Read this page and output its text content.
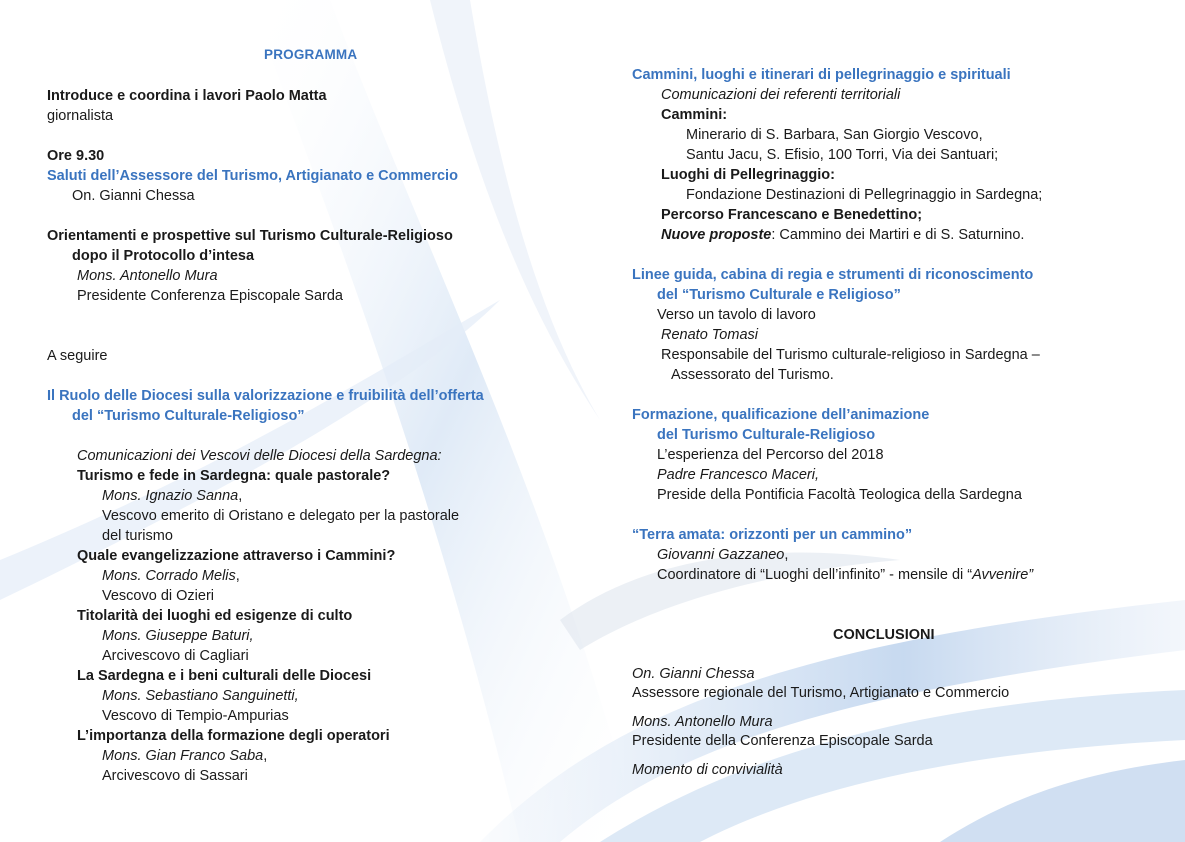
PROGRAMMA
Introduce e coordina i lavori Paolo Matta
giornalista
Ore 9.30
Saluti dell’Assessore del Turismo, Artigianato e Commercio
On. Gianni Chessa
Orientamenti e prospettive sul Turismo Culturale-Religioso
dopo il Protocollo d’intesa
Mons. Antonello Mura
Presidente Conferenza Episcopale Sarda
A seguire
Il Ruolo delle Diocesi sulla valorizzazione e fruibilità dell’offerta
del “Turismo Culturale-Religioso”
Comunicazioni dei Vescovi delle Diocesi della Sardegna:
Turismo e fede in Sardegna: quale pastorale?
Mons. Ignazio Sanna,
Vescovo emerito di Oristano e delegato per la pastorale
del turismo
Quale evangelizzazione attraverso i Cammini?
Mons. Corrado Melis,
Vescovo di Ozieri
Titolarità dei luoghi ed esigenze di culto
Mons. Giuseppe Baturi,
Arcivescovo di Cagliari
La Sardegna e i beni culturali delle Diocesi
Mons. Sebastiano Sanguinetti,
Vescovo di Tempio-Ampurias
L’importanza della formazione degli operatori
Mons. Gian Franco Saba,
Arcivescovo di Sassari
Cammini, luoghi e itinerari di pellegrinaggio e spirituali
Comunicazioni dei referenti territoriali
Cammini:
Minerario di S. Barbara, San Giorgio Vescovo,
Santu Jacu, S. Efisio, 100 Torri, Via dei Santuari;
Luoghi di Pellegrinaggio:
Fondazione Destinazioni di Pellegrinaggio in Sardegna;
Percorso Francescano e Benedettino;
Nuove proposte: Cammino dei Martiri e di S. Saturnino.
Linee guida, cabina di regia e strumenti di riconoscimento
del “Turismo Culturale e Religioso”
Verso un tavolo di lavoro
Renato Tomasi
Responsabile del Turismo culturale-religioso in Sardegna –
Assessorato del Turismo.
Formazione, qualificazione dell’animazione
del Turismo Culturale-Religioso
L’esperienza del Percorso del 2018
Padre Francesco Maceri,
Preside della Pontificia Facoltà Teologica della Sardegna
“Terra amata: orizzonti per un cammino”
Giovanni Gazzaneo,
Coordinatore di “Luoghi dell’infinito” - mensile di “Avvenire”
CONCLUSIONI
On. Gianni Chessa
Assessore regionale del Turismo, Artigianato e Commercio
Mons. Antonello Mura
Presidente della Conferenza Episcopale Sarda
Momento di convivialità
